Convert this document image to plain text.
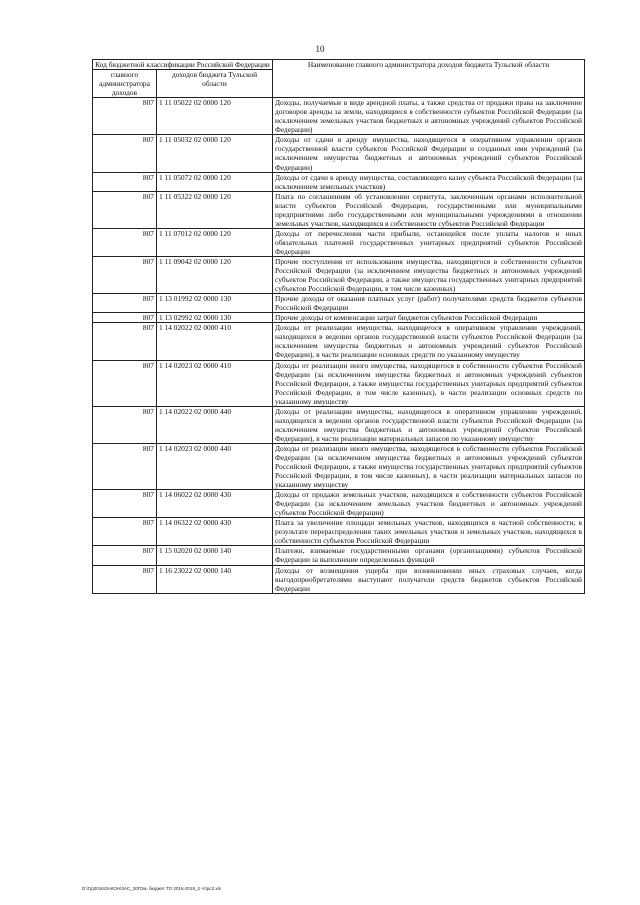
10
Код бюджетной классификации Российской Федерации		Наименование главного администратора доходов бюджета Тульской области
главного администратора доходов	доходов бюджета Тульской области	
807	1 11 05022 02 0000 120	Доходы, получаемые в виде арендной платы, а также средства от продажи права на заключение договоров аренды за земли, находящиеся в собственности субъектов Российской Федерации (за исключением земельных участков бюджетных и автономных учреждений субъектов Российской Федерации)
807	1 11 05032 02 0000 120	Доходы от сдачи в аренду имущества, находящегося в оперативном управлении органов государственной власти субъектов Российской Федерации и созданных ими учреждений (за исключением имущества бюджетных и автономных учреждений субъектов Российской Федерации)
807	1 11 05072 02 0000 120	Доходы от сдачи в аренду имущества, составляющего казну субъекта Российской Федерации (за исключением земельных участков)
807	1 11 05322 02 0000 120	Плата по соглашениям об установлении сервитута, заключенным органами исполнительной власти субъектов Российской Федерации, государственными или муниципальными предприятиями либо государственными или муниципальными учреждениями в отношении земельных участков, находящихся в собственности субъектов Российской Федерации
807	1 11 07012 02 0000 120	Доходы от перечисления части прибыли, остающейся после уплаты налогов и иных обязательных платежей государственных унитарных предприятий субъектов Российской Федерации
807	1 11 09042 02 0000 120	Прочие поступления от использования имущества, находящегося в собственности субъектов Российской Федерации (за исключением имущества бюджетных и автономных учреждений субъектов Российской Федерации, а также имущества государственных унитарных предприятий субъектов Российской Федерации, в том числе казенных)
807	1 13 01992 02 0000 130	Прочие доходы от оказания платных услуг (работ) получателями средств бюджетов субъектов Российской Федерации
807	1 13 02992 02 0000 130	Прочие доходы от компенсации затрат бюджетов субъектов Российской Федерации
807	1 14 02022 02 0000 410	Доходы от реализации имущества, находящегося в оперативном управлении учреждений, находящихся в ведении органов государственной власти субъектов Российской Федерации (за исключением имущества бюджетных и автономных учреждений субъектов Российской Федерации), в части реализации основных средств по указанному имуществу
807	1 14 02023 02 0000 410	Доходы от реализации иного имущества, находящегося в собственности субъектов Российской Федерации (за исключением имущества бюджетных и автономных учреждений субъектов Российской Федерации, а также имущества государственных унитарных предприятий субъектов Российской Федерации, в том числе казенных), в части реализации основных средств по указанному имуществу
807	1 14 02022 02 0000 440	Доходы от реализации имущества, находящегося в оперативном управлении учреждений, находящихся в ведении органов государственной власти субъектов Российской Федерации (за исключением имущества бюджетных и автономных учреждений субъектов Российской Федерации), в части реализации материальных запасов по указанному имуществу
807	1 14 02023 02 0000 440	Доходы от реализации иного имущества, находящегося в собственности субъектов Российской Федерации (за исключением имущества бюджетных и автономных учреждений субъектов Российской Федерации, а также имущества государственных унитарных предприятий субъектов Российской Федерации, в том числе казенных), в части реализации материальных запасов по указанному имуществу
807	1 14 06022 02 0000 430	Доходы от продажи земельных участков, находящихся в собственности субъектов Российской Федерации (за исключением земельных участков бюджетных и автономных учреждений субъектов Российской Федерации)
807	1 14 06322 02 0000 430	Плата за увеличение площади земельных участков, находящихся в частной собственности, в результате перераспределения таких земельных участков и земельных участков, находящихся в собственности субъектов Российской Федерации
807	1 15 02020 02 0000 140	Платежи, взимаемые государственными органами (организациями) субъектов Российской Федерации за выполнение определенных функций
807	1 16 23022 02 0000 140	Доходы от возмещения ущерба при возникновении иных страховых случаев, когда выгодоприобретателями выступают получатели средств бюджетов субъектов Российской Федерации
D:\Гд\2016\ЗАКОН\ЗАС_30ГОм. бюджет ТО 2016-2018_2 чт\рс2.xls
